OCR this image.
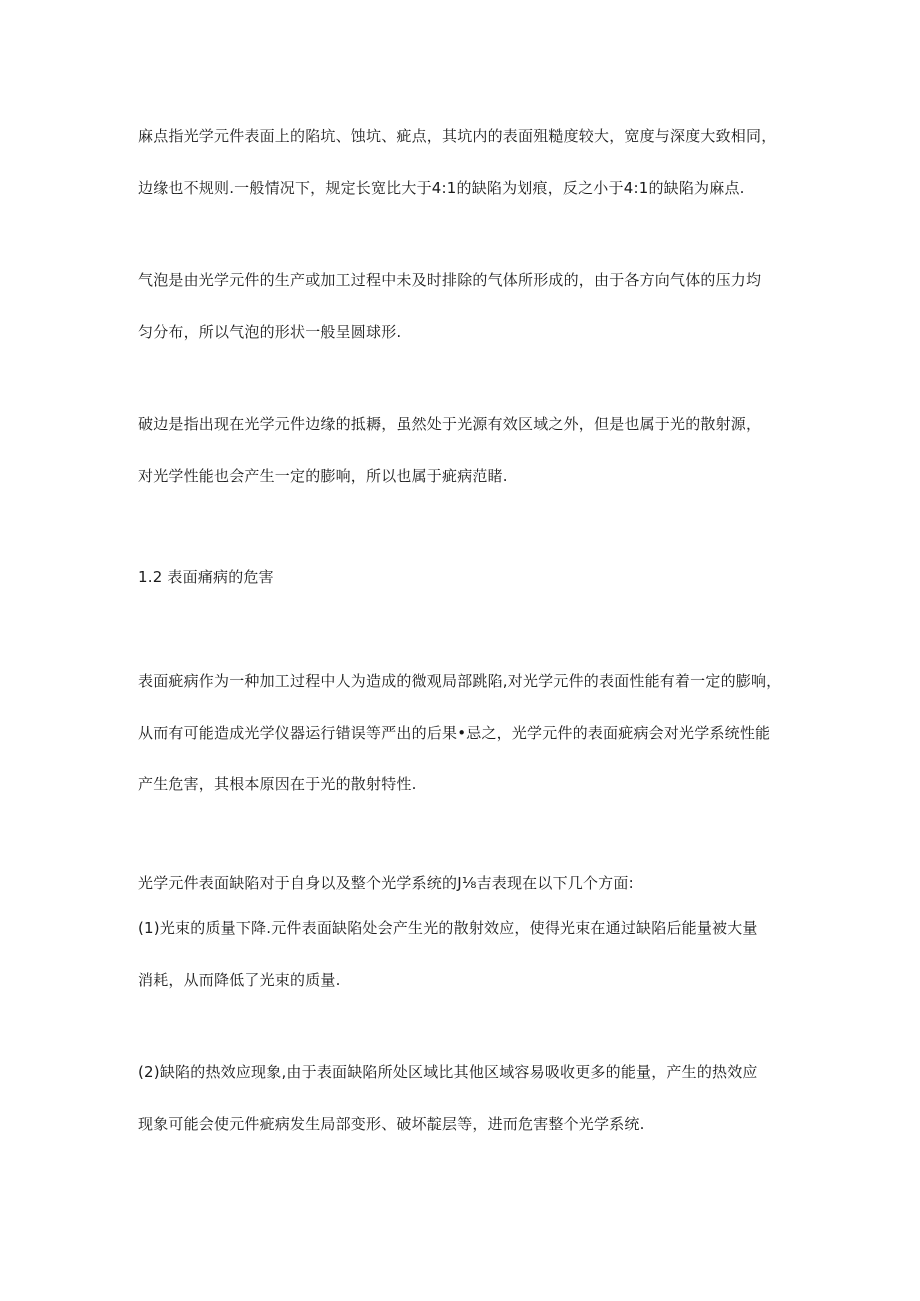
麻点指光学元件表面上的陷坑、蚀坑、疵点，其坑内的表面殂糙度较大，宽度与深度大致相同，
边缘也不规则.一般情况下，规定长宽比大于4:1的缺陷为划痕，反之小于4:1的缺陷为麻点.
气泡是由光学元件的生产或加工过程中未及时排除的气体所形成的，由于各方向气体的压力均
匀分布，所以气泡的形状一般呈圆球形.
破边是指出现在光学元件边缘的抵耨，虽然处于光源有效区域之外，但是也属于光的散射源，
对光学性能也会产生一定的膨响，所以也属于疵病范睹.
1.2 表面痛病的危害
表面疵病作为一种加工过程中人为造成的微观局部跳陷,对光学元件的表面性能有着一定的膨响，
从而有可能造成光学仪器运行错误等严出的后果•忌之，光学元件的表面疵病会对光学系统性能
产生危害，其根本原因在于光的散射特性.
光学元件表面缺陷对于自身以及整个光学系统的J⅛吉表现在以下几个方面:
(1)光束的质量下降.元件表面缺陷处会产生光的散射效应，使得光束在通过缺陷后能量被大量
消耗，从而降低了光束的质量.
(2)缺陷的热效应现象,由于表面缺陷所处区域比其他区域容易吸收更多的能量，产生的热效应
现象可能会使元件疵病发生局部变形、破坏靛层等，进而危害整个光学系统.
